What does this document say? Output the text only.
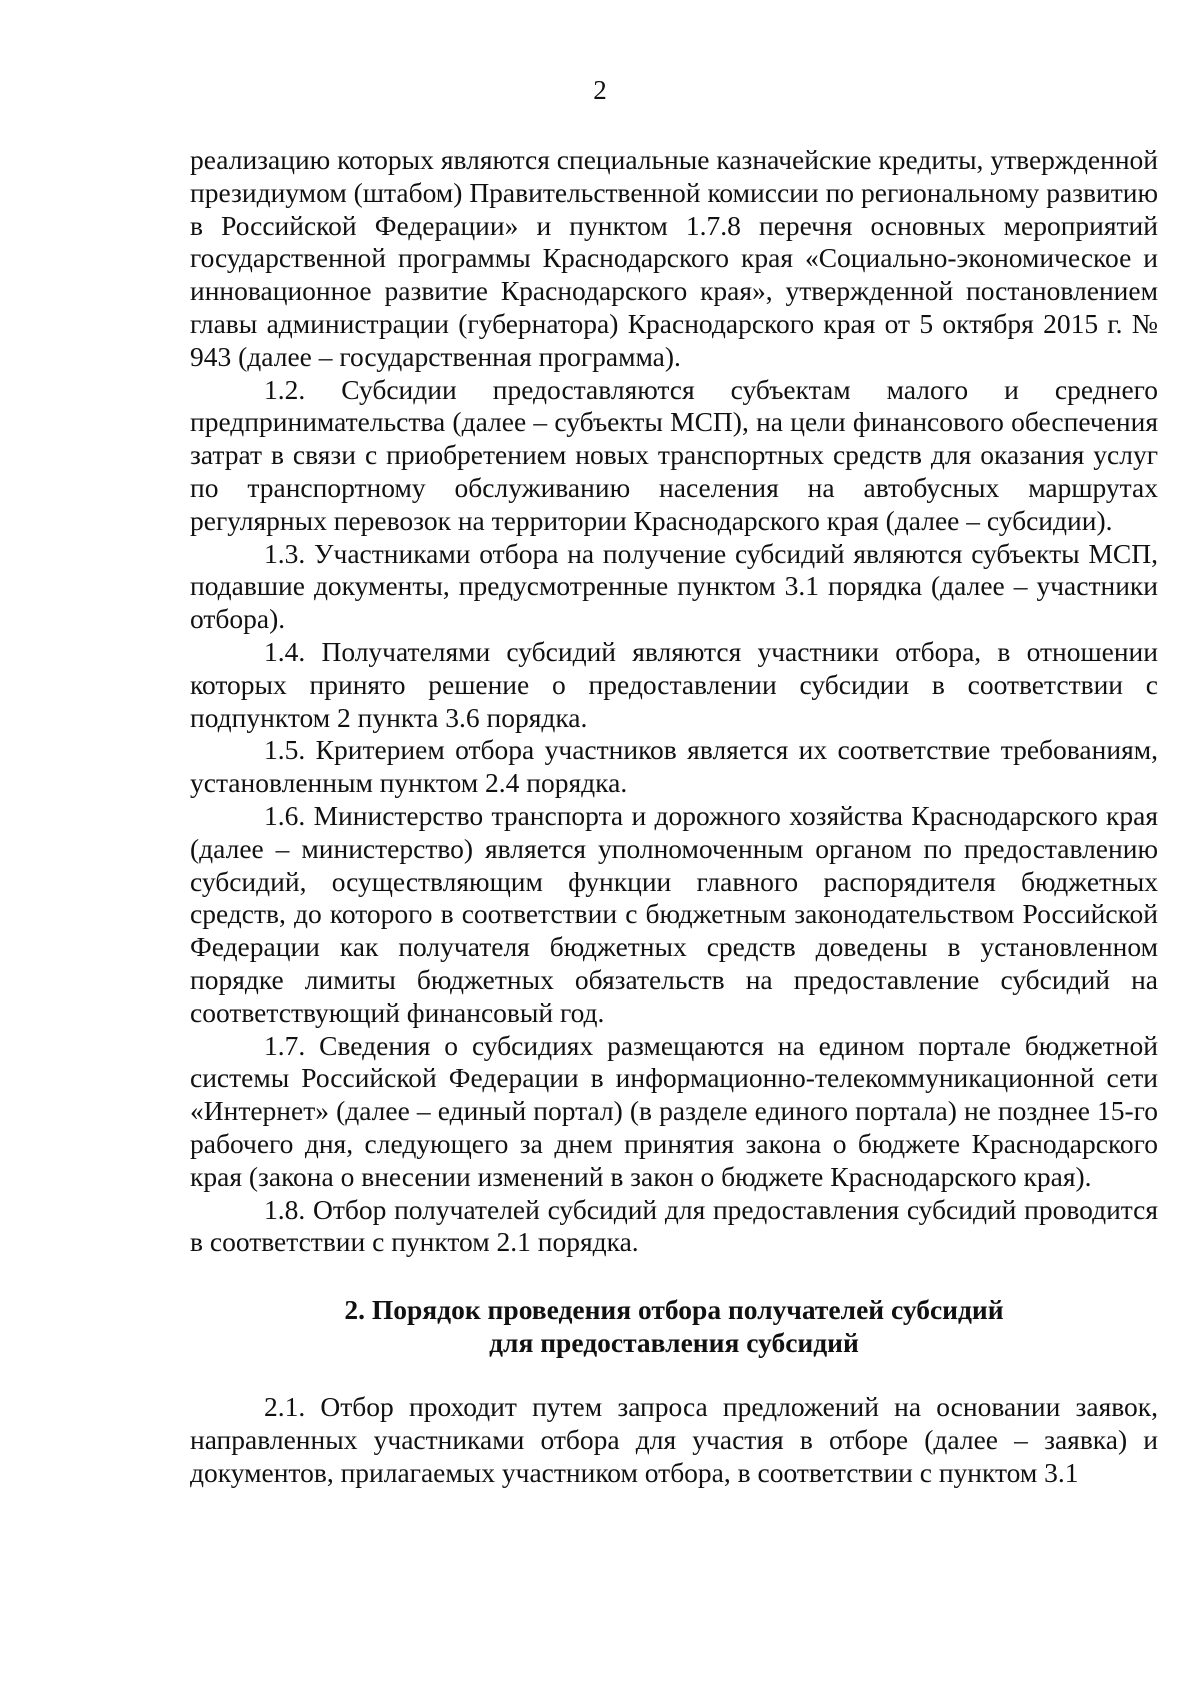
2

реализацию которых являются специальные казначейские кредиты, утвержденной президиумом (штабом) Правительственной комиссии по региональному развитию в Российской Федерации» и пунктом 1.7.8 перечня основных мероприятий государственной программы Краснодарского края «Социально-экономическое и инновационное развитие Краснодарского края», утвержденной постановлением главы администрации (губернатора) Краснодарского края от 5 октября 2015 г. № 943 (далее – государственная программа).

1.2. Субсидии предоставляются субъектам малого и среднего предпринимательства (далее – субъекты МСП), на цели финансового обеспечения затрат в связи с приобретением новых транспортных средств для оказания услуг по транспортному обслуживанию населения на автобусных маршрутах регулярных перевозок на территории Краснодарского края (далее – субсидии).

1.3. Участниками отбора на получение субсидий являются субъекты МСП, подавшие документы, предусмотренные пунктом 3.1 порядка (далее – участники отбора).

1.4. Получателями субсидий являются участники отбора, в отношении которых принято решение о предоставлении субсидии в соответствии с подпунктом 2 пункта 3.6 порядка.

1.5. Критерием отбора участников является их соответствие требованиям, установленным пунктом 2.4 порядка.

1.6. Министерство транспорта и дорожного хозяйства Краснодарского края (далее – министерство) является уполномоченным органом по предоставлению субсидий, осуществляющим функции главного распорядителя бюджетных средств, до которого в соответствии с бюджетным законодательством Российской Федерации как получателя бюджетных средств доведены в установленном порядке лимиты бюджетных обязательств на предоставление субсидий на соответствующий финансовый год.

1.7. Сведения о субсидиях размещаются на едином портале бюджетной системы Российской Федерации в информационно-телекоммуникационной сети «Интернет» (далее – единый портал) (в разделе единого портала) не позднее 15-го рабочего дня, следующего за днем принятия закона о бюджете Краснодарского края (закона о внесении изменений в закон о бюджете Краснодарского края).

1.8. Отбор получателей субсидий для предоставления субсидий проводится в соответствии с пунктом 2.1 порядка.

2. Порядок проведения отбора получателей субсидий
для предоставления субсидий

2.1. Отбор проходит путем запроса предложений на основании заявок, направленных участниками отбора для участия в отборе (далее – заявка) и документов, прилагаемых участником отбора, в соответствии с пунктом 3.1
